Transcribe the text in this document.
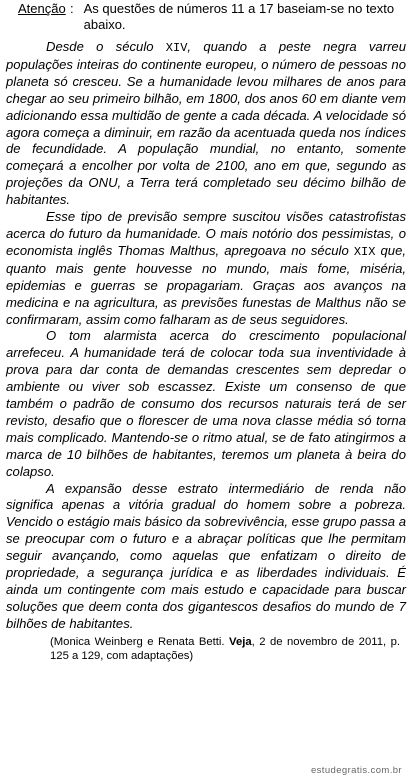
Atenção : As questões de números 11 a 17 baseiam-se no texto abaixo.

Desde o século XIV, quando a peste negra varreu populações inteiras do continente europeu, o número de pessoas no planeta só cresceu. Se a humanidade levou milhares de anos para chegar ao seu primeiro bilhão, em 1800, dos anos 60 em diante vem adicionando essa multidão de gente a cada década. A velocidade só agora começa a diminuir, em razão da acentuada queda nos índices de fecundidade. A população mundial, no entanto, somente começará a encolher por volta de 2100, ano em que, segundo as projeções da ONU, a Terra terá completado seu décimo bilhão de habitantes.

Esse tipo de previsão sempre suscitou visões catastrofistas acerca do futuro da humanidade. O mais notório dos pessimistas, o economista inglês Thomas Malthus, apregoava no século XIX que, quanto mais gente houvesse no mundo, mais fome, miséria, epidemias e guerras se propagariam. Graças aos avanços na medicina e na agricultura, as previsões funestas de Malthus não se confirmaram, assim como falharam as de seus seguidores.

O tom alarmista acerca do crescimento populacional arrefeceu. A humanidade terá de colocar toda sua inventividade à prova para dar conta de demandas crescentes sem depredar o ambiente ou viver sob escassez. Existe um consenso de que também o padrão de consumo dos recursos naturais terá de ser revisto, desafio que o florescer de uma nova classe média só torna mais complicado. Mantendo-se o ritmo atual, se de fato atingirmos a marca de 10 bilhões de habitantes, teremos um planeta à beira do colapso.

A expansão desse estrato intermediário de renda não significa apenas a vitória gradual do homem sobre a pobreza. Vencido o estágio mais básico da sobrevivência, esse grupo passa a se preocupar com o futuro e a abraçar políticas que lhe permitam seguir avançando, como aquelas que enfatizam o direito de propriedade, a segurança jurídica e as liberdades individuais. É ainda um contingente com mais estudo e capacidade para buscar soluções que deem conta dos gigantescos desafios do mundo de 7 bilhões de habitantes.

(Monica Weinberg e Renata Betti. Veja, 2 de novembro de 2011, p. 125 a 129, com adaptações)
estudegratis.com.br
